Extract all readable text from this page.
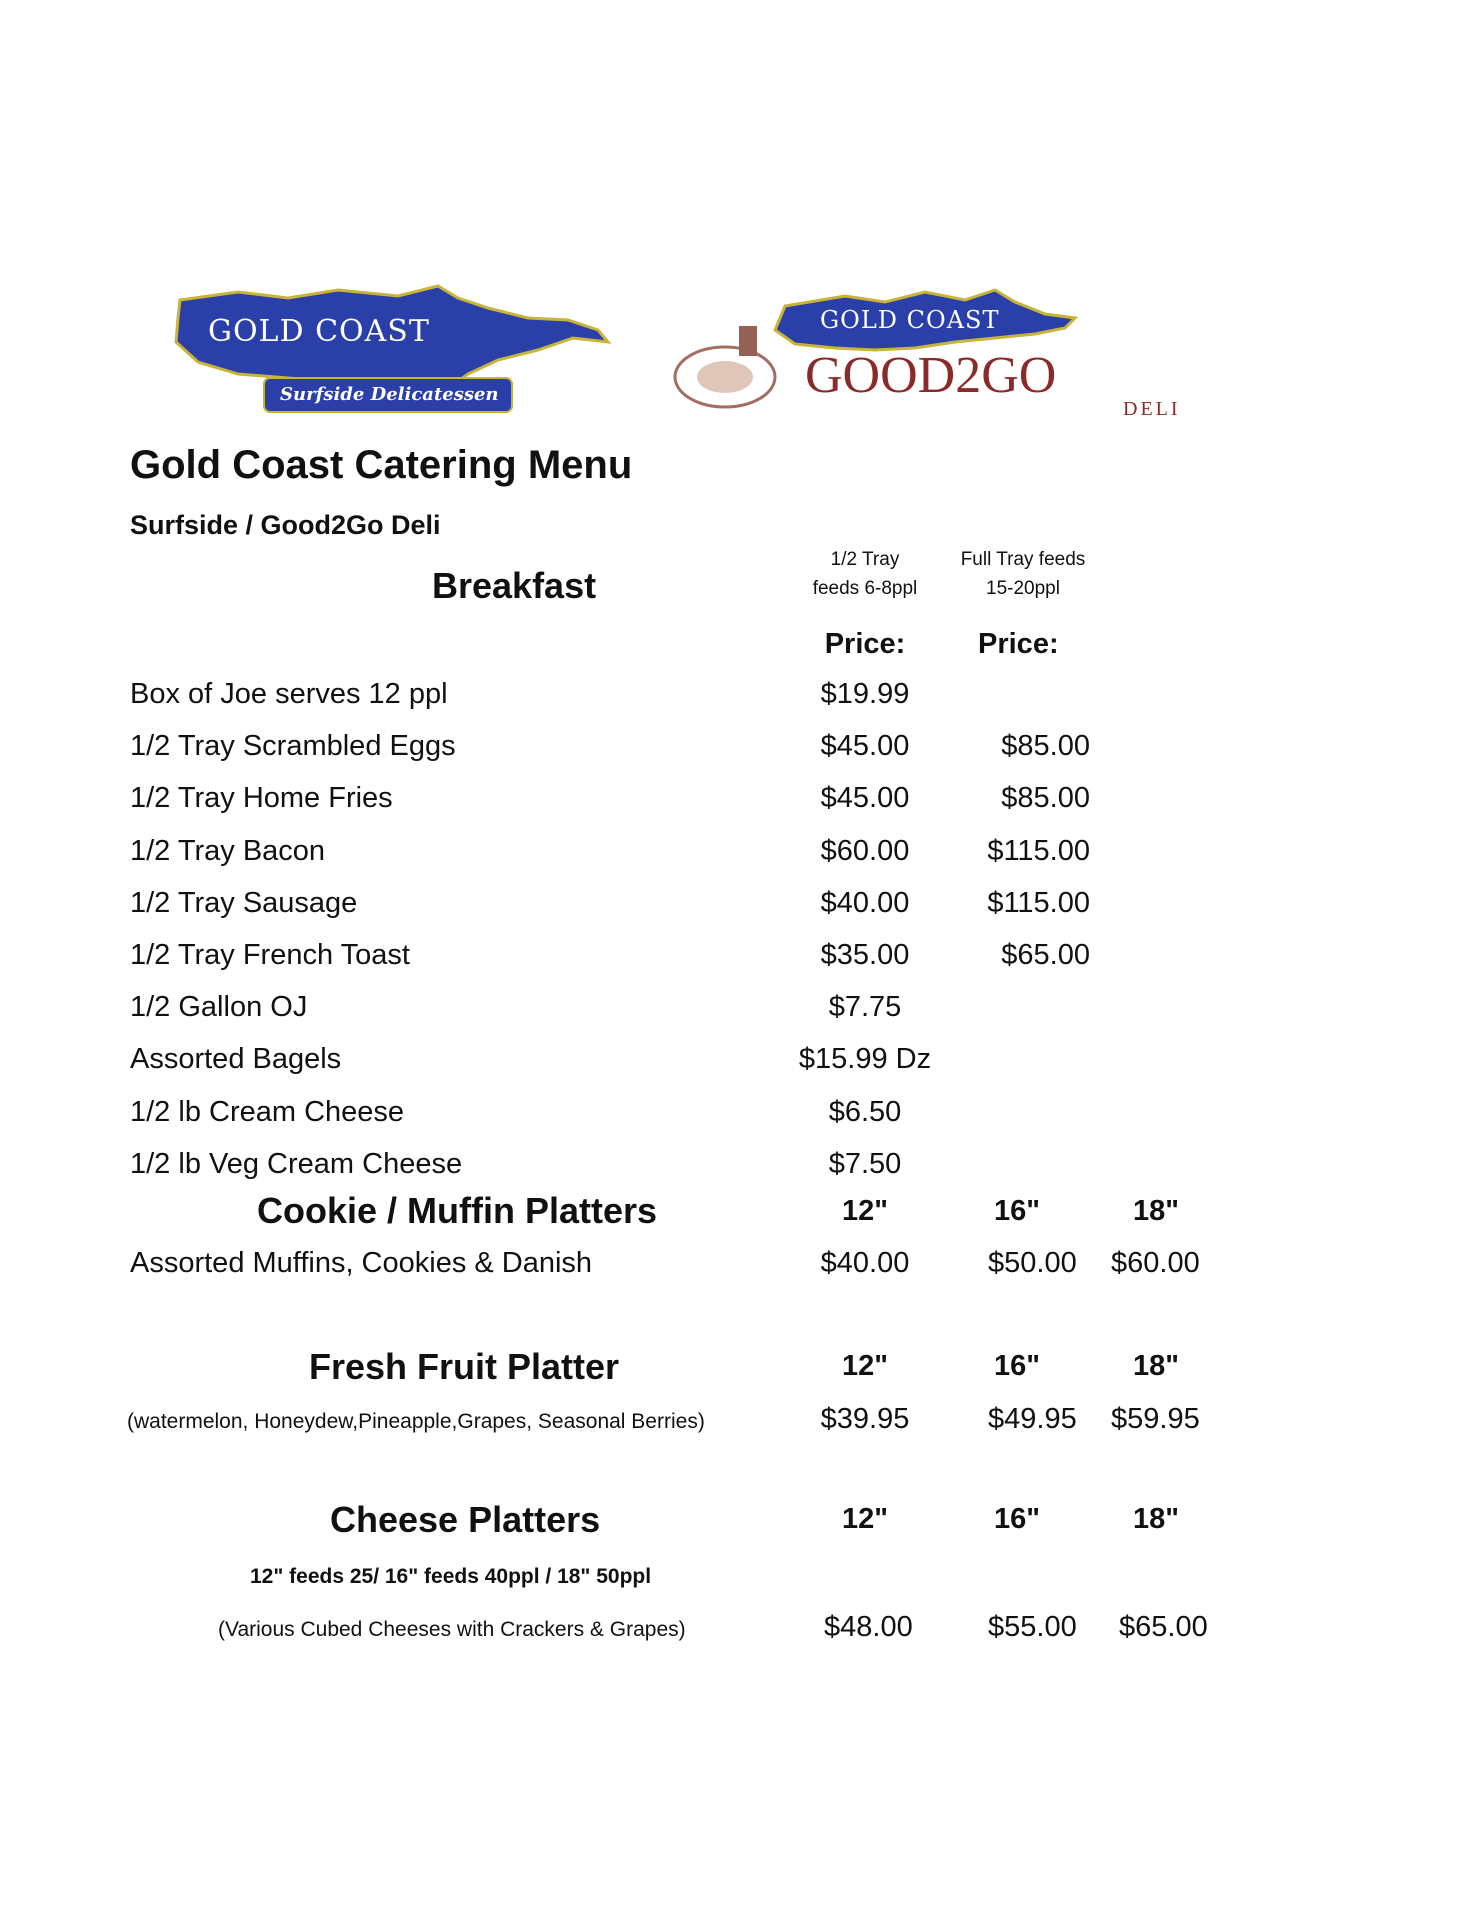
GOLD COAST
Surfside Delicatessen
GOLD COAST
GOOD2GO
DELI
Gold Coast Catering Menu
Surfside / Good2Go Deli
Breakfast
1/2 Tray
feeds 6-8ppl
Full Tray feeds
15-20ppl
Price:	Price:
Box of Joe serves 12 ppl	$19.99
1/2 Tray Scrambled Eggs	$45.00	$85.00
1/2 Tray Home Fries	$45.00	$85.00
1/2 Tray Bacon	$60.00	$115.00
1/2 Tray Sausage	$40.00	$115.00
1/2 Tray French Toast	$35.00	$65.00
1/2 Gallon OJ	$7.75
Assorted Bagels	$15.99 Dz
1/2 lb Cream Cheese	$6.50
1/2 lb Veg Cream Cheese	$7.50
Cookie / Muffin Platters	12"	16"	18"
Assorted Muffins, Cookies & Danish	$40.00	$50.00 $60.00
Fresh Fruit Platter	12"	16"	18"
(watermelon, Honeydew,Pineapple,Grapes, Seasonal Berries)	$39.95	$49.95 $59.95
Cheese Platters	12"	16"	18"
12" feeds 25/ 16" feeds 40ppl / 18" 50ppl
(Various Cubed Cheeses with Crackers & Grapes)	$48.00	$55.00 $65.00
